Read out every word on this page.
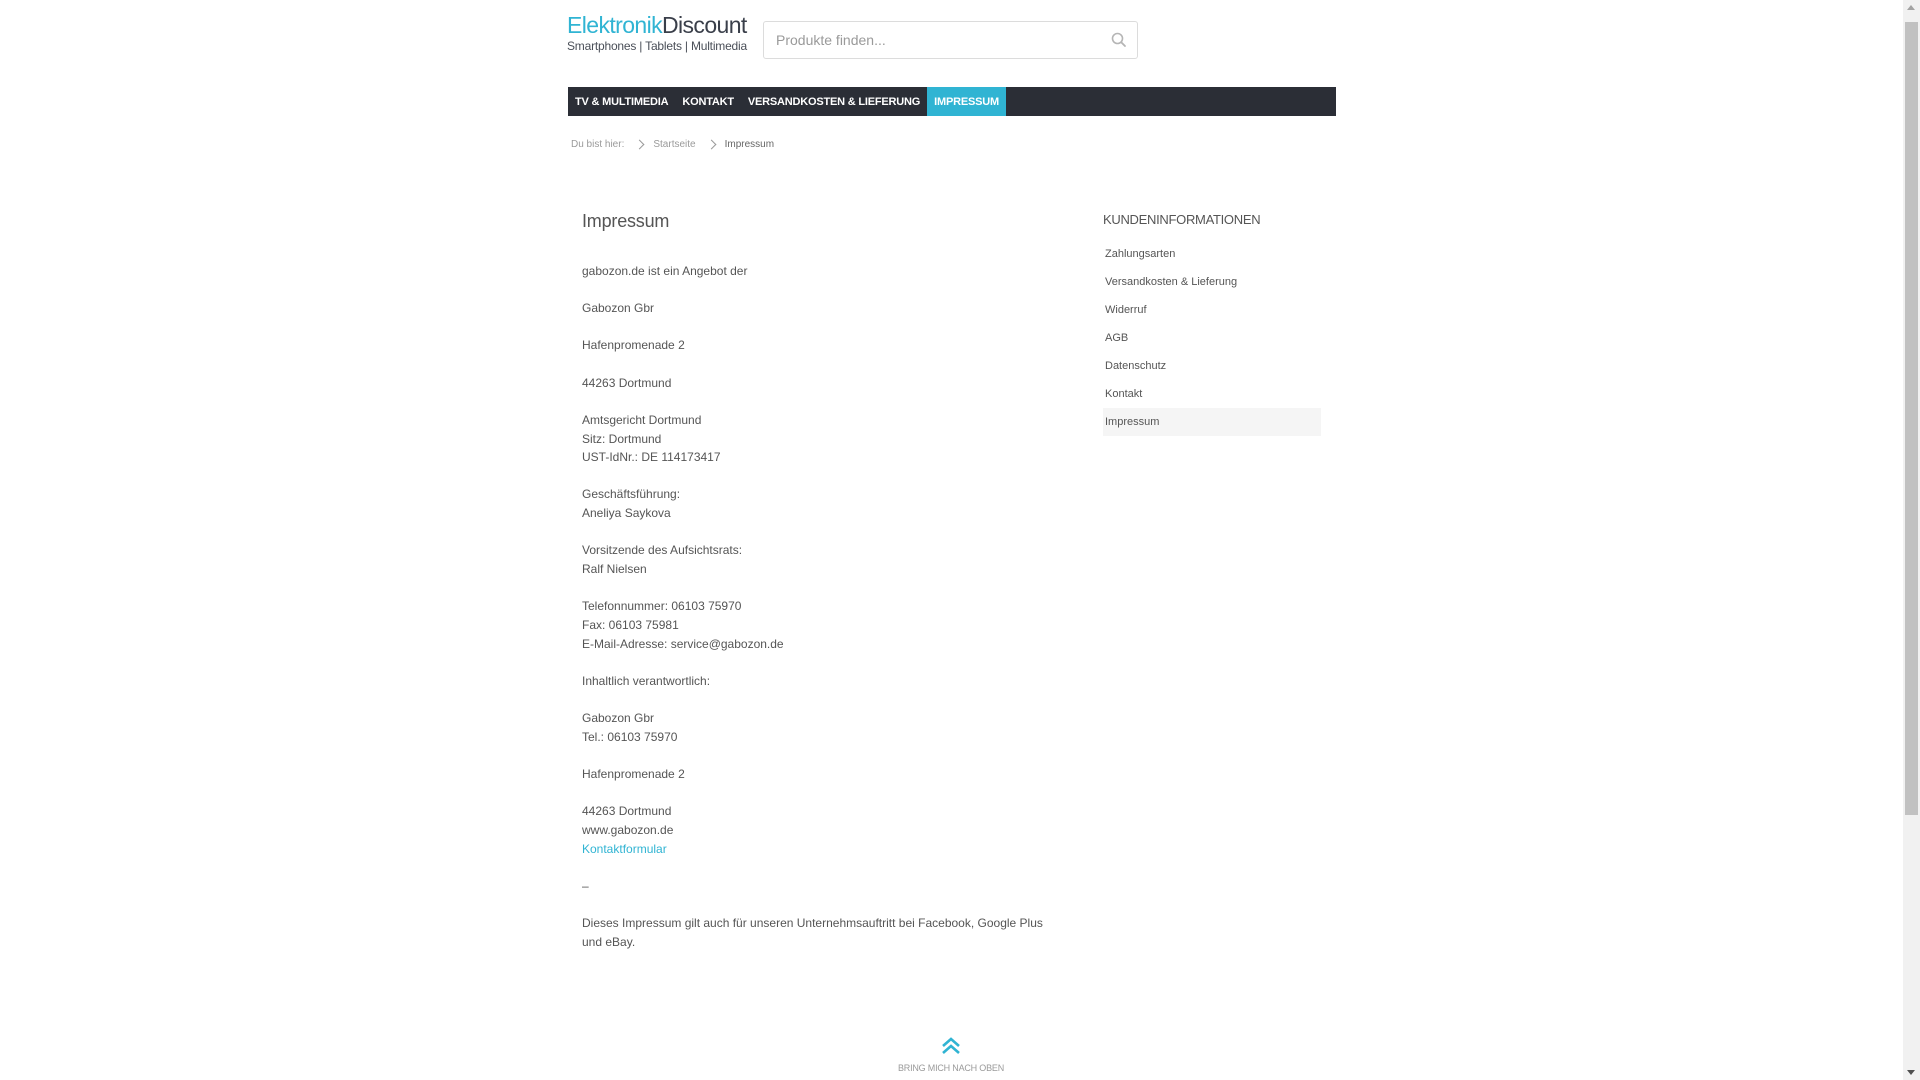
ElektronikDiscount
Smartphones | Tablets | Multimedia
Produkte finden...
TV & MULTIMEDIA	KONTAKT	VERSANDKOSTEN & LIEFERUNG	IMPRESSUM
Du bist hier:	Startseite	Impressum
Impressum

gabozon.de ist ein Angebot der

Gabozon Gbr

Hafenpromenade 2

44263 Dortmund

Amtsgericht Dortmund
Sitz: Dortmund
UST-IdNr.: DE 114173417

Geschäftsführung:
Aneliya Saykova

Vorsitzende des Aufsichtsrats:
Ralf Nielsen

Telefonnummer: 06103 75970
Fax: 06103 75981
E-Mail-Adresse: service@gabozon.de

Inhaltlich verantwortlich:

Gabozon Gbr
Tel.: 06103 75970

Hafenpromenade 2

44263 Dortmund
www.gabozon.de
Kontaktformular

–

Dieses Impressum gilt auch für unseren Unternehmsauftritt bei Facebook, Google Plus und eBay.

KUNDENINFORMATIONEN
Zahlungsarten
Versandkosten & Lieferung
Widerruf
AGB
Datenschutz
Kontakt
Impressum
BRING MICH NACH OBEN
